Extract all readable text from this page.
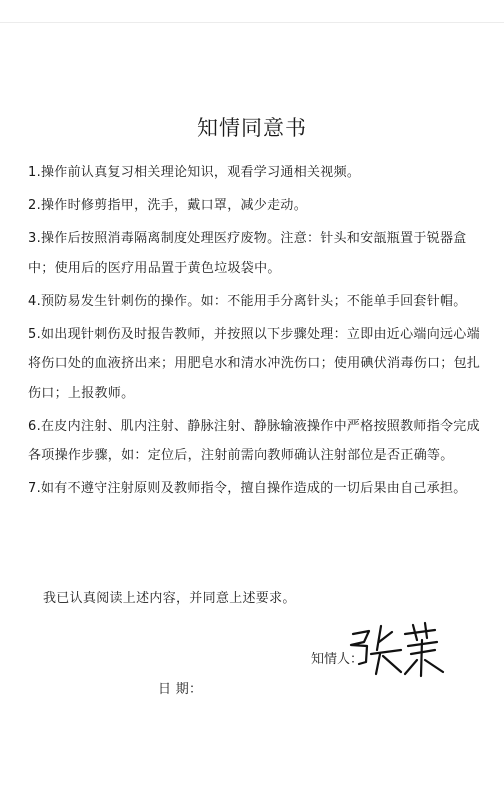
知情同意书

1.操作前认真复习相关理论知识，观看学习通相关视频。

2.操作时修剪指甲，洗手，戴口罩，减少走动。

3.操作后按照消毒隔离制度处理医疗废物。注意：针头和安瓿瓶置于锐器盒中；使用后的医疗用品置于黄色垃圾袋中。

4.预防易发生针刺伤的操作。如：不能用手分离针头；不能单手回套针帽。

5.如出现针刺伤及时报告教师，并按照以下步骤处理：立即由近心端向远心端将伤口处的血液挤出来；用肥皂水和清水冲洗伤口；使用碘伏消毒伤口；包扎伤口；上报教师。

6.在皮内注射、肌内注射、静脉注射、静脉输液操作中严格按照教师指令完成各项操作步骤，如：定位后，注射前需向教师确认注射部位是否正确等。

7.如有不遵守注射原则及教师指令，擅自操作造成的一切后果由自己承担。

我已认真阅读上述内容，并同意上述要求。
知情人：
日 期：
